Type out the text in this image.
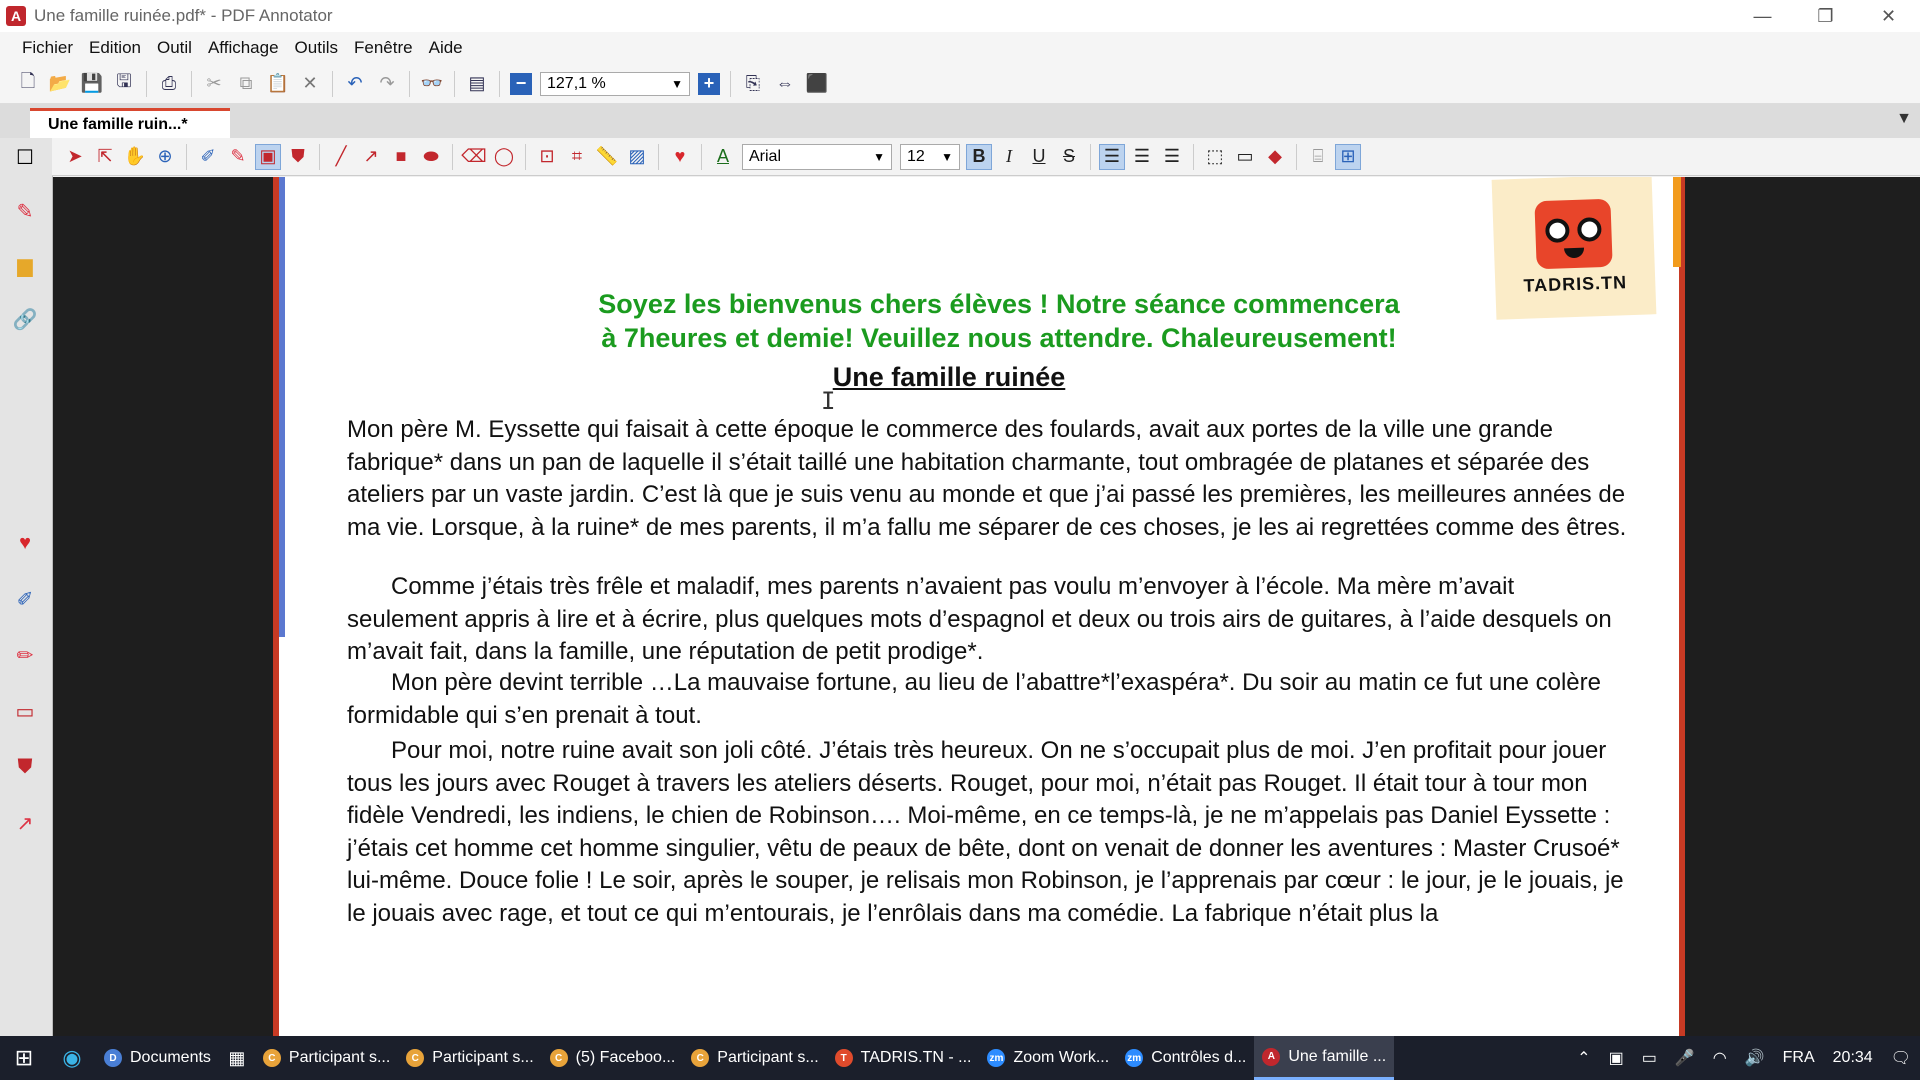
A Une famille ruinée.pdf* - PDF Annotator	—	❐	✕
Fichier Edition Outil Affichage Outils Fenêtre Aide
🗋 📂 💾 🖫	⎙	✂	⧉ 📋 ✕	↶ ↷	👓	▤	−	127,1 %	▼	+	⎘ ⇔ ⬛
Une famille ruin...*	▼
☐
✎
▆
🔗
♥
✐
✏
▭
⛊
↗
➤ ⇱ ✋ ⊕	✐ ✎ ▣ ⛊	╱ ↗ ■ ⬬ ⌫ ◯	⊡ ⌗ 📏 ▨	♥	A	Arial	▼ 12 ▼	B	I	U S	☰ ☰ ☰ ⬚ ▭ ◆	⌸ ⊞
TADRIS.TN
Soyez les bienvenus chers élèves ! Notre séance commencera
à 7heures et demie! Veuillez nous attendre. Chaleureusement!
Une famille ruinée

Mon père M. Eyssette qui faisait à cette époque le commerce des foulards, avait aux portes de la ville une grande fabrique* dans un pan de laquelle il s’était taillé une habitation charmante, tout ombragée de platanes et séparée des ateliers par un vaste jardin. C’est là que je suis venu au monde et que j’ai passé les premières, les meilleures années de ma vie. Lorsque, à la ruine* de mes parents, il m’a fallu me séparer de ces choses, je les ai regrettées comme des êtres.

Comme j’étais très frêle et maladif, mes parents n’avaient pas voulu m’envoyer à l’école. Ma mère m’avait seulement appris à lire et à écrire, plus quelques mots d’espagnol et deux ou trois airs de guitares, à l’aide desquels on m’avait fait, dans la famille, une réputation de petit prodige*.

Mon père devint terrible …La mauvaise fortune, au lieu de l’abattre*l’exaspéra*. Du soir au matin ce fut une colère formidable qui s’en prenait à tout.

Pour moi, notre ruine avait son joli côté. J’étais très heureux. On ne s’occupait plus de moi. J’en profitait pour jouer tous les jours avec Rouget à travers les ateliers déserts. Rouget, pour moi, n’était pas Rouget. Il était tour à tour mon fidèle Vendredi, les indiens, le chien de Robinson…. Moi-même, en ce temps-là, je ne m’appelais pas Daniel Eyssette : j’étais cet homme cet homme singulier, vêtu de peaux de bête, dont on venait de donner les aventures : Master Crusoé* lui-même. Douce folie ! Le soir, après le souper, je relisais mon Robinson, je l’apprenais par cœur : le jour, je le jouais, je le jouais avec rage, et tout ce qui m’entourais, je l’enrôlais dans ma comédie. La fabrique n’était plus la

I
⊞	◉	D Documents ▦	C Participant s...	C Participant s...	C (5) Faceboo...	C Participant s...	T TADRIS.TN - ... zm Zoom Work... zm Contrôles d...	A Une famille ...	⌃ ▣ ▭ 🎤 ◠ 🔊 FRA 20:34 🗨
